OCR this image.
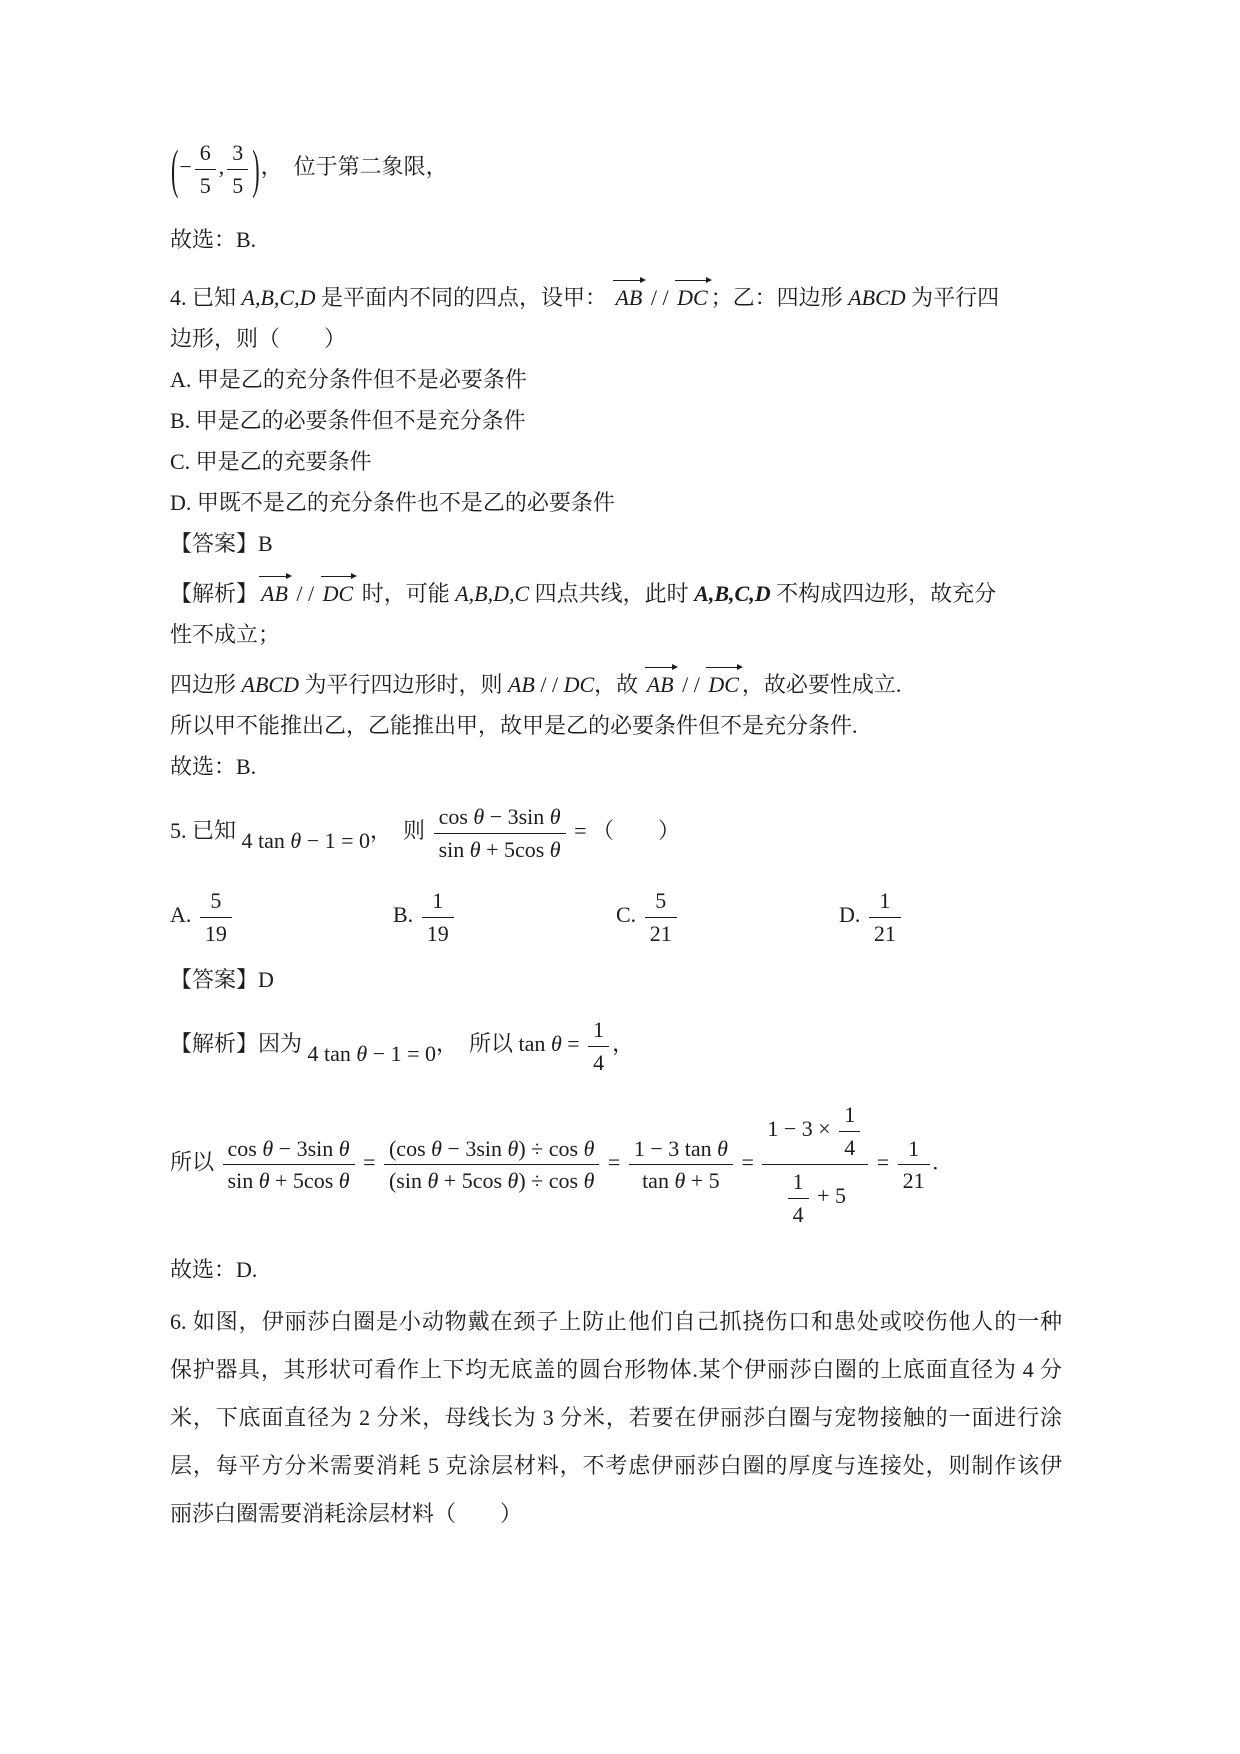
(− $\frac{6}{5}$ , $\frac{3}{5}$ )，  位于第二象限，
故选：B.
4. 已知 A,B,C,D 是平面内不同的四点，设甲： AB / / DC ；乙：四边形 ABCD 为平行四
边形，则（　　）
A. 甲是乙的充分条件但不是必要条件
B. 甲是乙的必要条件但不是充分条件
C. 甲是乙的充要条件
D. 甲既不是乙的充分条件也不是乙的必要条件
【答案】B
【解析】 AB / / DC 时，可能 A,B,D,C 四点共线，此时 A,B,C,D 不构成四边形，故充分
性不成立；
四边形 ABCD 为平行四边形时，则 AB / / DC，故 AB / / DC ，故必要性成立.
所以甲不能推出乙，乙能推出甲，故甲是乙的必要条件但不是充分条件.
故选：B.
5. 已知 4 tan θ − 1 = 0，  则 $\frac{\text{cos θ − 3sin θ}}{\text{sin θ + 5cos θ}}$ = （　　）
A. $\frac{5}{19}$	B. $\frac{1}{19}$	C. $\frac{5}{21}$	D. $\frac{1}{21}$
【答案】D
【解析】因为 4 tan θ − 1 = 0，  所以 $\tan \theta = \frac{1}{4}$ ，
所以 $\frac{\text{cos θ − 3sin θ}}{\text{sin θ + 5cos θ}} = \frac{\text{(cos θ − 3sin θ) ÷ cos θ}}{\text{(sin θ + 5cos θ) ÷ cos θ}} = \frac{\text{1 − 3 tan θ}}{\text{tan θ + 5}} = \frac{1 - 3 \times \frac{1}{4}}{\frac{1}{4} + 5} = \frac{1}{21}$ .
故选：D.

6. 如图，伊丽莎白圈是小动物戴在颈子上防止他们自己抓挠伤口和患处或咬伤他人的一种

保护器具，其形状可看作上下均无底盖的圆台形物体.某个伊丽莎白圈的上底面直径为 4 分

米，下底面直径为 2 分米，母线长为 3 分米，若要在伊丽莎白圈与宠物接触的一面进行涂

层，每平方分米需要消耗 5 克涂层材料，不考虑伊丽莎白圈的厚度与连接处，则制作该伊

丽莎白圈需要消耗涂层材料（　　）
